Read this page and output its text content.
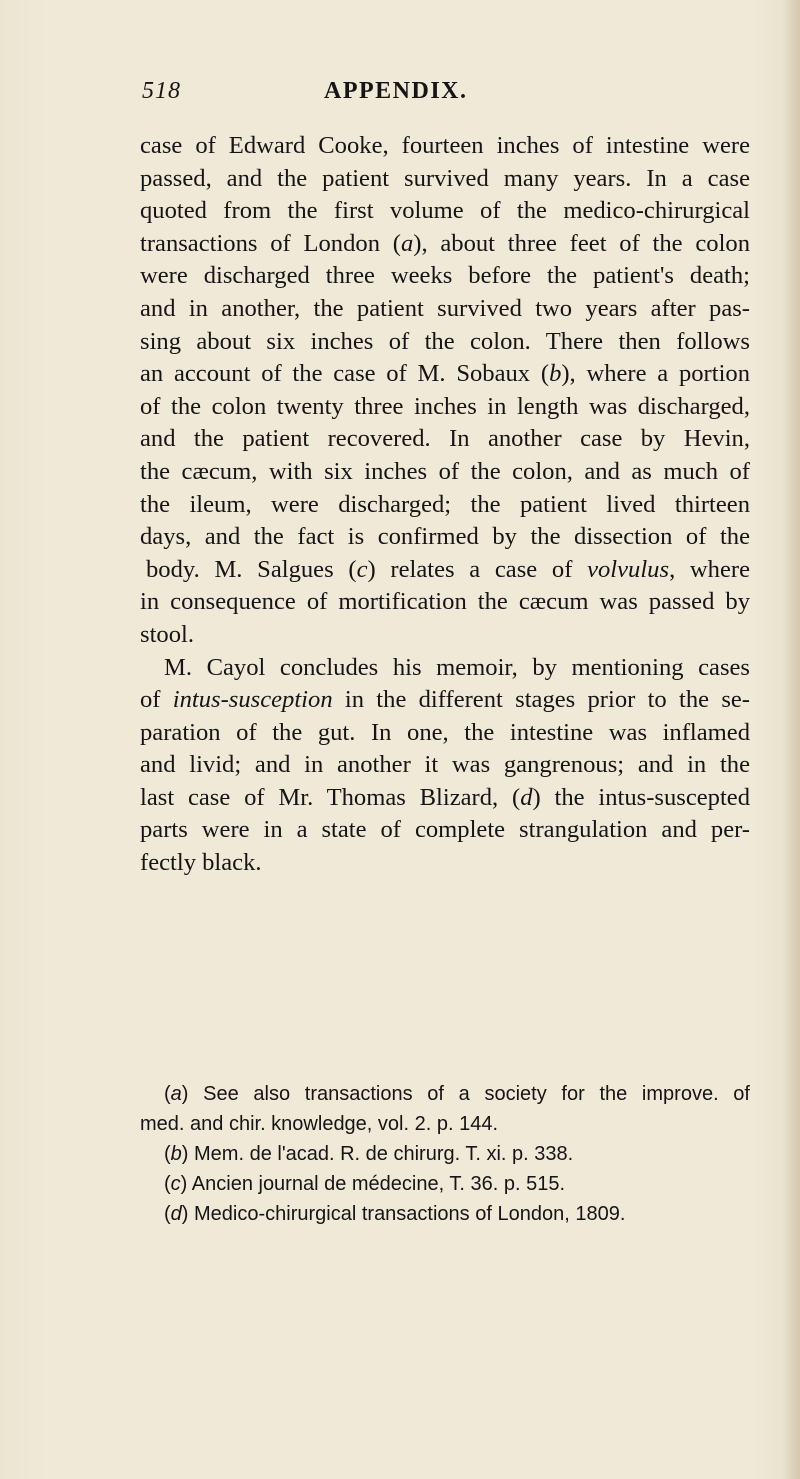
518	APPENDIX.
case of Edward Cooke, fourteen inches of intestine were
passed, and the patient survived many years. In a case
quoted from the first volume of the medico-chirurgical
transactions of London (a), about three feet of the colon
were discharged three weeks before the patient's death;
and in another, the patient survived two years after pas-
sing about six inches of the colon. There then follows
an account of the case of M. Sobaux (b), where a portion
of the colon twenty three inches in length was discharged,
and the patient recovered. In another case by Hevin,
the cæcum, with six inches of the colon, and as much of
the ileum, were discharged; the patient lived thirteen
days, and the fact is confirmed by the dissection of the
body. M. Salgues (c) relates a case of volvulus, where
in consequence of mortification the cæcum was passed by
stool.
M. Cayol concludes his memoir, by mentioning cases
of intus-susception in the different stages prior to the se-
paration of the gut. In one, the intestine was inflamed
and livid; and in another it was gangrenous; and in the
last case of Mr. Thomas Blizard, (d) the intus-suscepted
parts were in a state of complete strangulation and per-
fectly black.
(a) See also transactions of a society for the improve. of
med. and chir. knowledge, vol. 2. p. 144.
(b) Mem. de l'acad. R. de chirurg. T. xi. p. 338.
(c) Ancien journal de médecine, T. 36. p. 515.
(d) Medico-chirurgical transactions of London, 1809.
